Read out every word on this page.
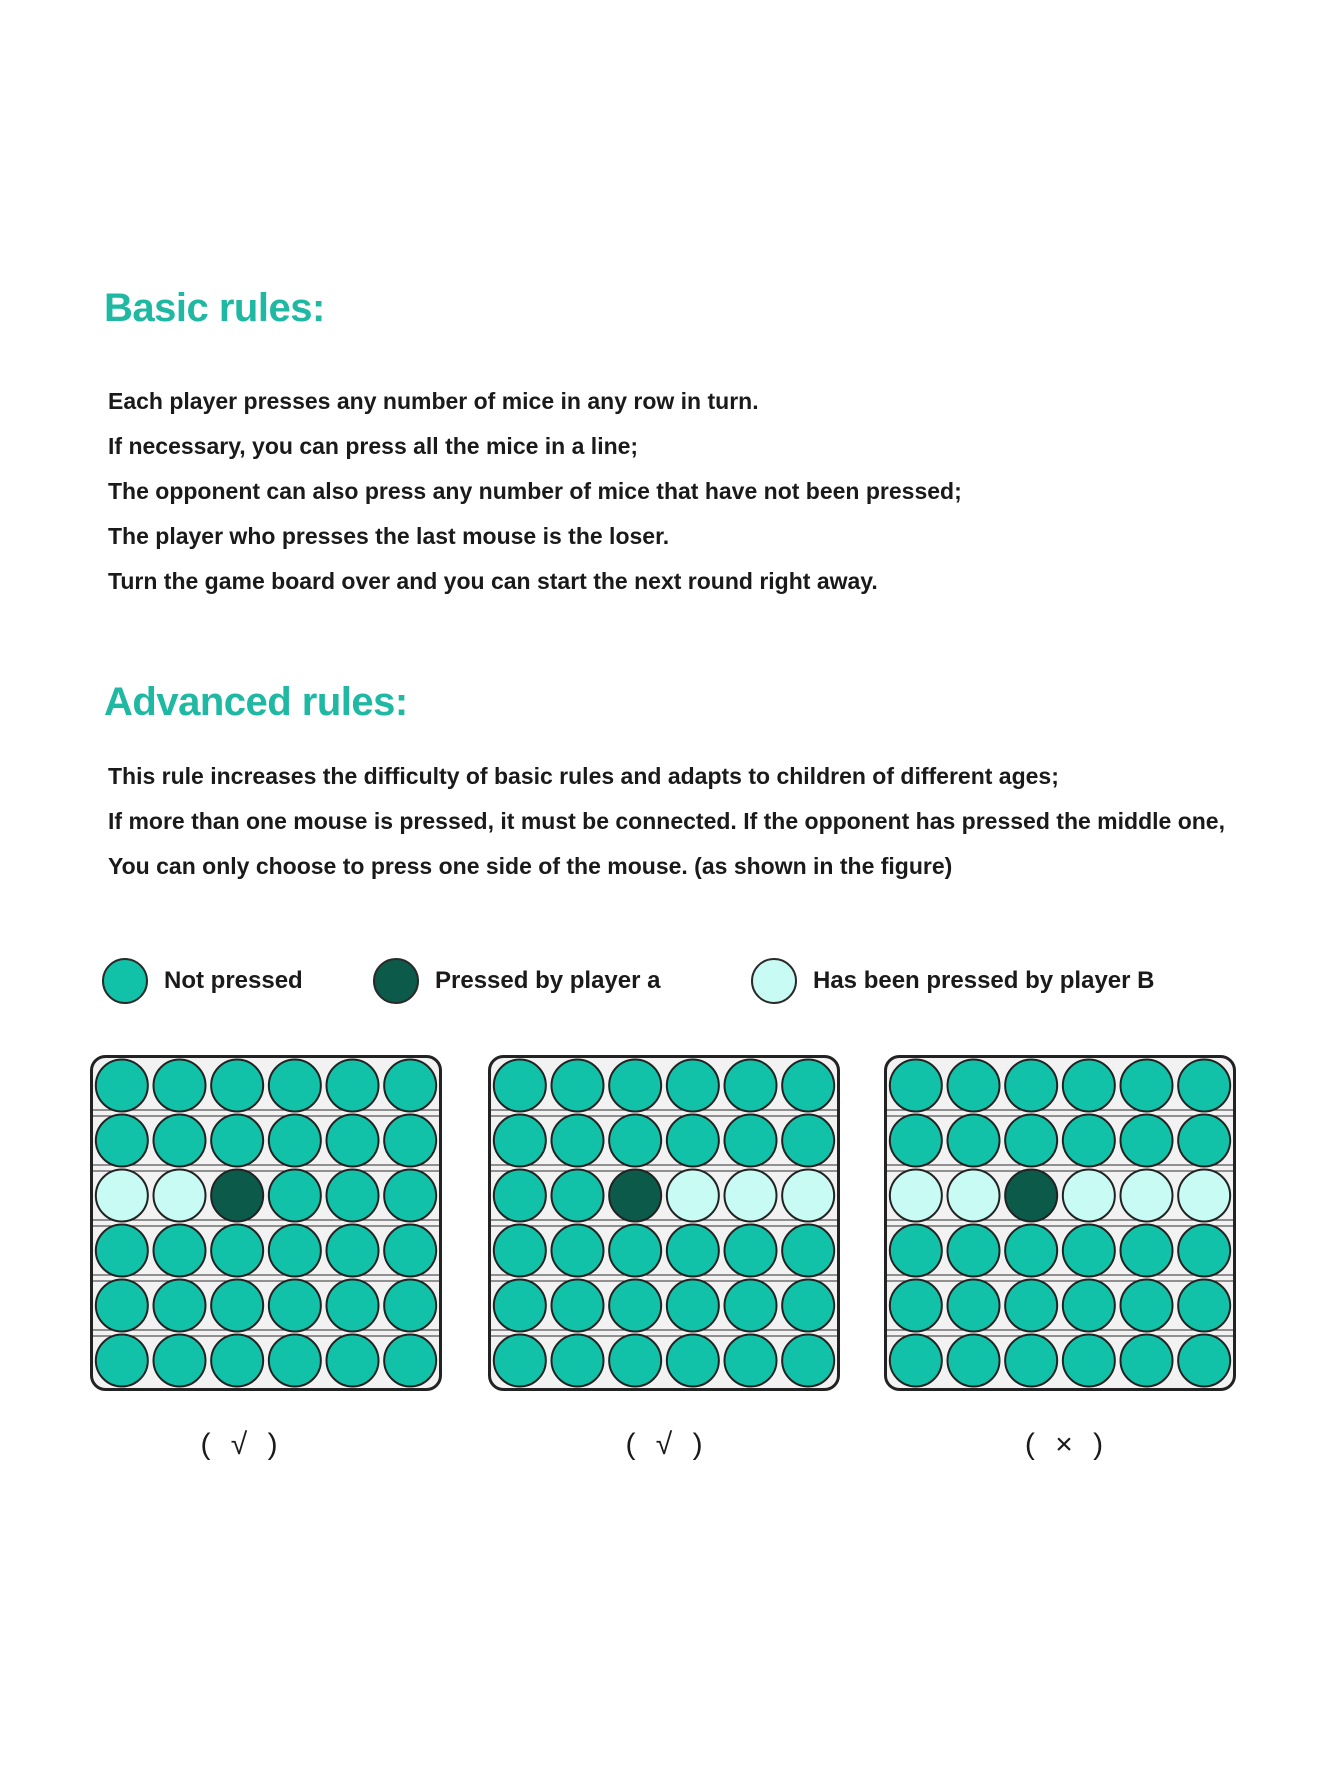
Basic rules:
Each player presses any number of mice in any row in turn.
If necessary, you can press all the mice in a line;
The opponent can also press any number of mice that have not been pressed;
The player who presses the last mouse is the loser.
Turn the game board over and you can start the next round right away.
Advanced rules:
This rule increases the difficulty of basic rules and adapts to children of different ages;
If more than one mouse is pressed, it must be connected. If the opponent has pressed the middle one,
You can only choose to press one side of the mouse. (as shown in the figure)
Not pressed	Pressed by player a	Has been pressed by player B
( √ )	( √ )	( × )
